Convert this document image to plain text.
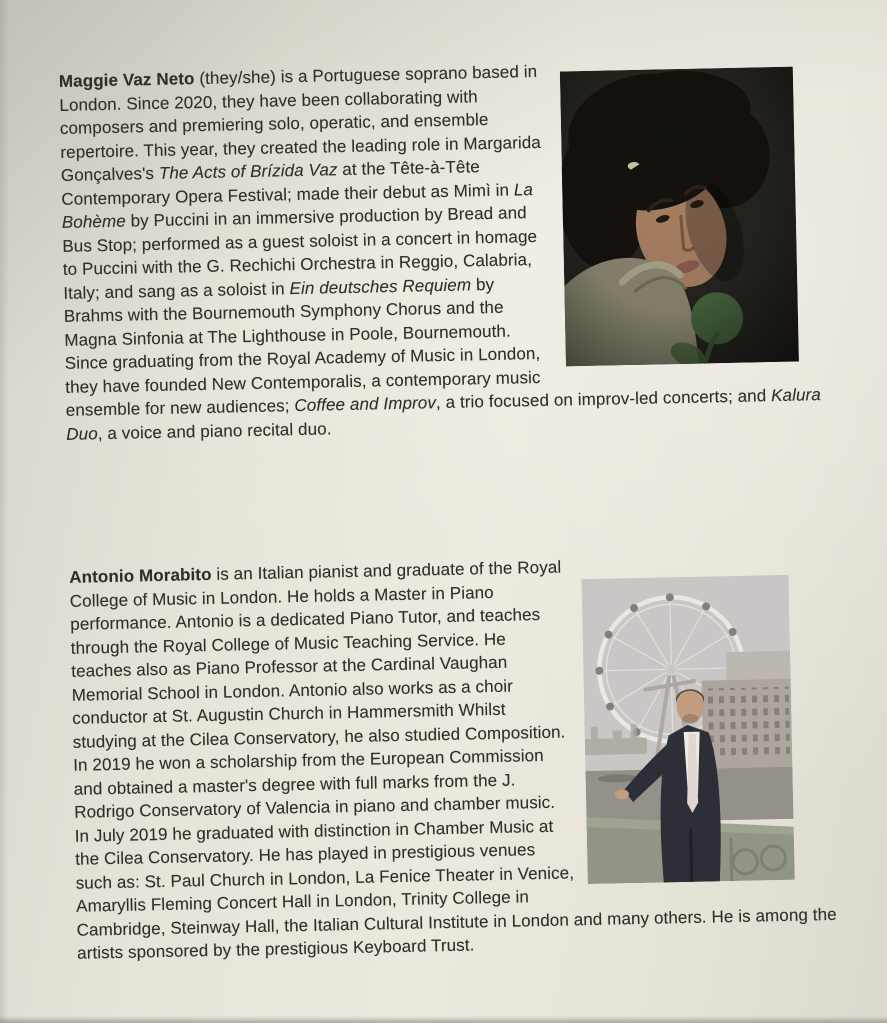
Maggie Vaz Neto (they/she) is a Portuguese soprano based in London. Since 2020, they have been collaborating with composers and premiering solo, operatic, and ensemble repertoire. This year, they created the leading role in Margarida Gonçalves's The Acts of Brízida Vaz at the Tête-à-Tête Contemporary Opera Festival; made their debut as Mimì in La Bohème by Puccini in an immersive production by Bread and Bus Stop; performed as a guest soloist in a concert in homage to Puccini with the G. Rechichi Orchestra in Reggio, Calabria, Italy; and sang as a soloist in Ein deutsches Requiem by Brahms with the Bournemouth Symphony Chorus and the Magna Sinfonia at The Lighthouse in Poole, Bournemouth. Since graduating from the Royal Academy of Music in London, they have founded New Contemporalis, a contemporary music ensemble for new audiences; Coffee and Improv, a trio focused on improv-led concerts; and Kalura Duo, a voice and piano recital duo.

Antonio Morabito is an Italian pianist and graduate of the Royal College of Music in London. He holds a Master in Piano performance. Antonio is a dedicated Piano Tutor, and teaches through the Royal College of Music Teaching Service. He teaches also as Piano Professor at the Cardinal Vaughan Memorial School in London. Antonio also works as a choir conductor at St. Augustin Church in Hammersmith Whilst studying at the Cilea Conservatory, he also studied Composition. In 2019 he won a scholarship from the European Commission and obtained a master's degree with full marks from the J. Rodrigo Conservatory of Valencia in piano and chamber music. In July 2019 he graduated with distinction in Chamber Music at the Cilea Conservatory. He has played in prestigious venues such as: St. Paul Church in London, La Fenice Theater in Venice, Amaryllis Fleming Concert Hall in London, Trinity College in Cambridge, Steinway Hall, the Italian Cultural Institute in London and many others. He is among the artists sponsored by the prestigious Keyboard Trust.
